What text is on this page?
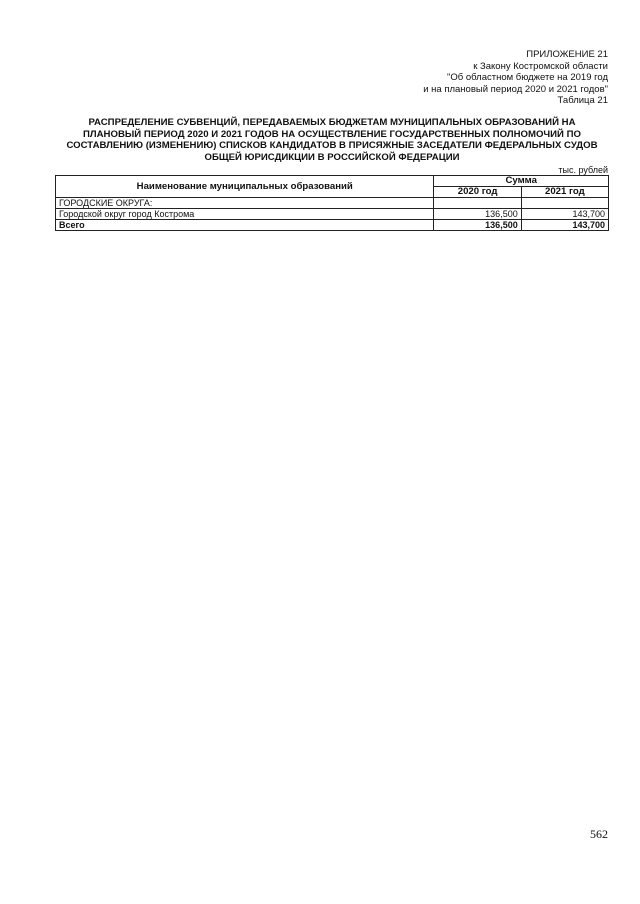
ПРИЛОЖЕНИЕ 21
к Закону Костромской области
"Об областном бюджете на 2019 год
и на плановый период 2020 и 2021 годов"
Таблица 21
РАСПРЕДЕЛЕНИЕ СУБВЕНЦИЙ, ПЕРЕДАВАЕМЫХ БЮДЖЕТАМ МУНИЦИПАЛЬНЫХ ОБРАЗОВАНИЙ НА
ПЛАНОВЫЙ ПЕРИОД 2020 И 2021 ГОДОВ НА ОСУЩЕСТВЛЕНИЕ ГОСУДАРСТВЕННЫХ ПОЛНОМОЧИЙ ПО
СОСТАВЛЕНИЮ (ИЗМЕНЕНИЮ) СПИСКОВ КАНДИДАТОВ В ПРИСЯЖНЫЕ ЗАСЕДАТЕЛИ ФЕДЕРАЛЬНЫХ СУДОВ
ОБЩЕЙ ЮРИСДИКЦИИ В РОССИЙСКОЙ ФЕДЕРАЦИИ
тыс. рублей
Наименование муниципальных образований	Сумма	
	2020 год	2021 год
ГОРОДСКИЕ ОКРУГА:		
Городской округ город Кострома	136,500	143,700
Всего	136,500	143,700
562
